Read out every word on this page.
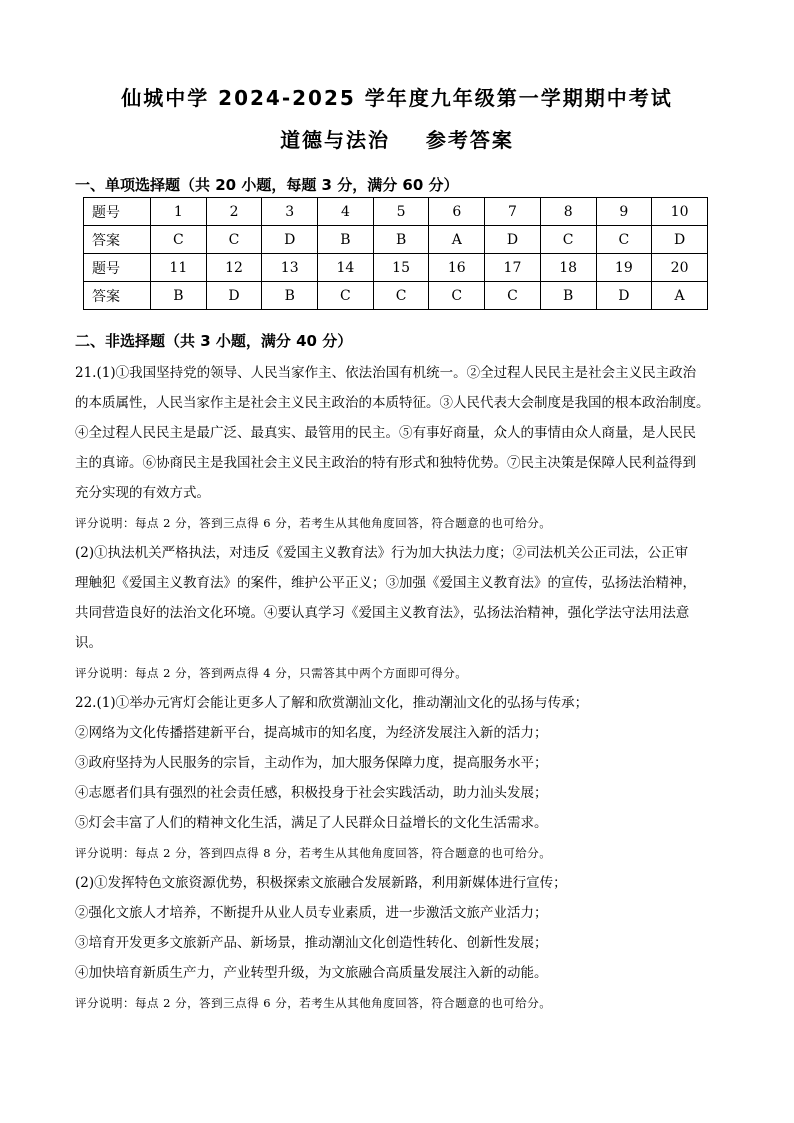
仙城中学 2024-2025 学年度九年级第一学期期中考试
道德与法治    参考答案
一、单项选择题（共 20 小题，每题 3 分，满分 60 分）
题号	1	2	3	4	5	6	7	8	9	10
答案	C	C	D	B	B	A	D	C	C	D
题号	11	12	13	14	15	16	17	18	19	20
答案	B	D	B	C	C	C	C	B	D	A
二、非选择题（共 3 小题，满分 40 分）

21.(1)①我国坚持党的领导、人民当家作主、依法治国有机统一。②全过程人民民主是社会主义民主政治

的本质属性，人民当家作主是社会主义民主政治的本质特征。③人民代表大会制度是我国的根本政治制度。

④全过程人民民主是最广泛、最真实、最管用的民主。⑤有事好商量，众人的事情由众人商量，是人民民

主的真谛。⑥协商民主是我国社会主义民主政治的特有形式和独特优势。⑦民主决策是保障人民利益得到

充分实现的有效方式。

评分说明：每点 2 分，答到三点得 6 分，若考生从其他角度回答，符合题意的也可给分。

(2)①执法机关严格执法，对违反《爱国主义教育法》行为加大执法力度；②司法机关公正司法，公正审

理触犯《爱国主义教育法》的案件，维护公平正义；③加强《爱国主义教育法》的宣传，弘扬法治精神，

共同营造良好的法治文化环境。④要认真学习《爱国主义教育法》，弘扬法治精神，强化学法守法用法意

识。

评分说明：每点 2 分，答到两点得 4 分，只需答其中两个方面即可得分。

22.(1)①举办元宵灯会能让更多人了解和欣赏潮汕文化，推动潮汕文化的弘扬与传承；

②网络为文化传播搭建新平台，提高城市的知名度，为经济发展注入新的活力；

③政府坚持为人民服务的宗旨，主动作为，加大服务保障力度，提高服务水平；

④志愿者们具有强烈的社会责任感，积极投身于社会实践活动，助力汕头发展；

⑤灯会丰富了人们的精神文化生活，满足了人民群众日益增长的文化生活需求。

评分说明：每点 2 分，答到四点得 8 分，若考生从其他角度回答，符合题意的也可给分。

(2)①发挥特色文旅资源优势，积极探索文旅融合发展新路，利用新媒体进行宣传；

②强化文旅人才培养，不断提升从业人员专业素质，进一步激活文旅产业活力；

③培育开发更多文旅新产品、新场景，推动潮汕文化创造性转化、创新性发展；

④加快培育新质生产力，产业转型升级，为文旅融合高质量发展注入新的动能。

评分说明：每点 2 分，答到三点得 6 分，若考生从其他角度回答，符合题意的也可给分。
